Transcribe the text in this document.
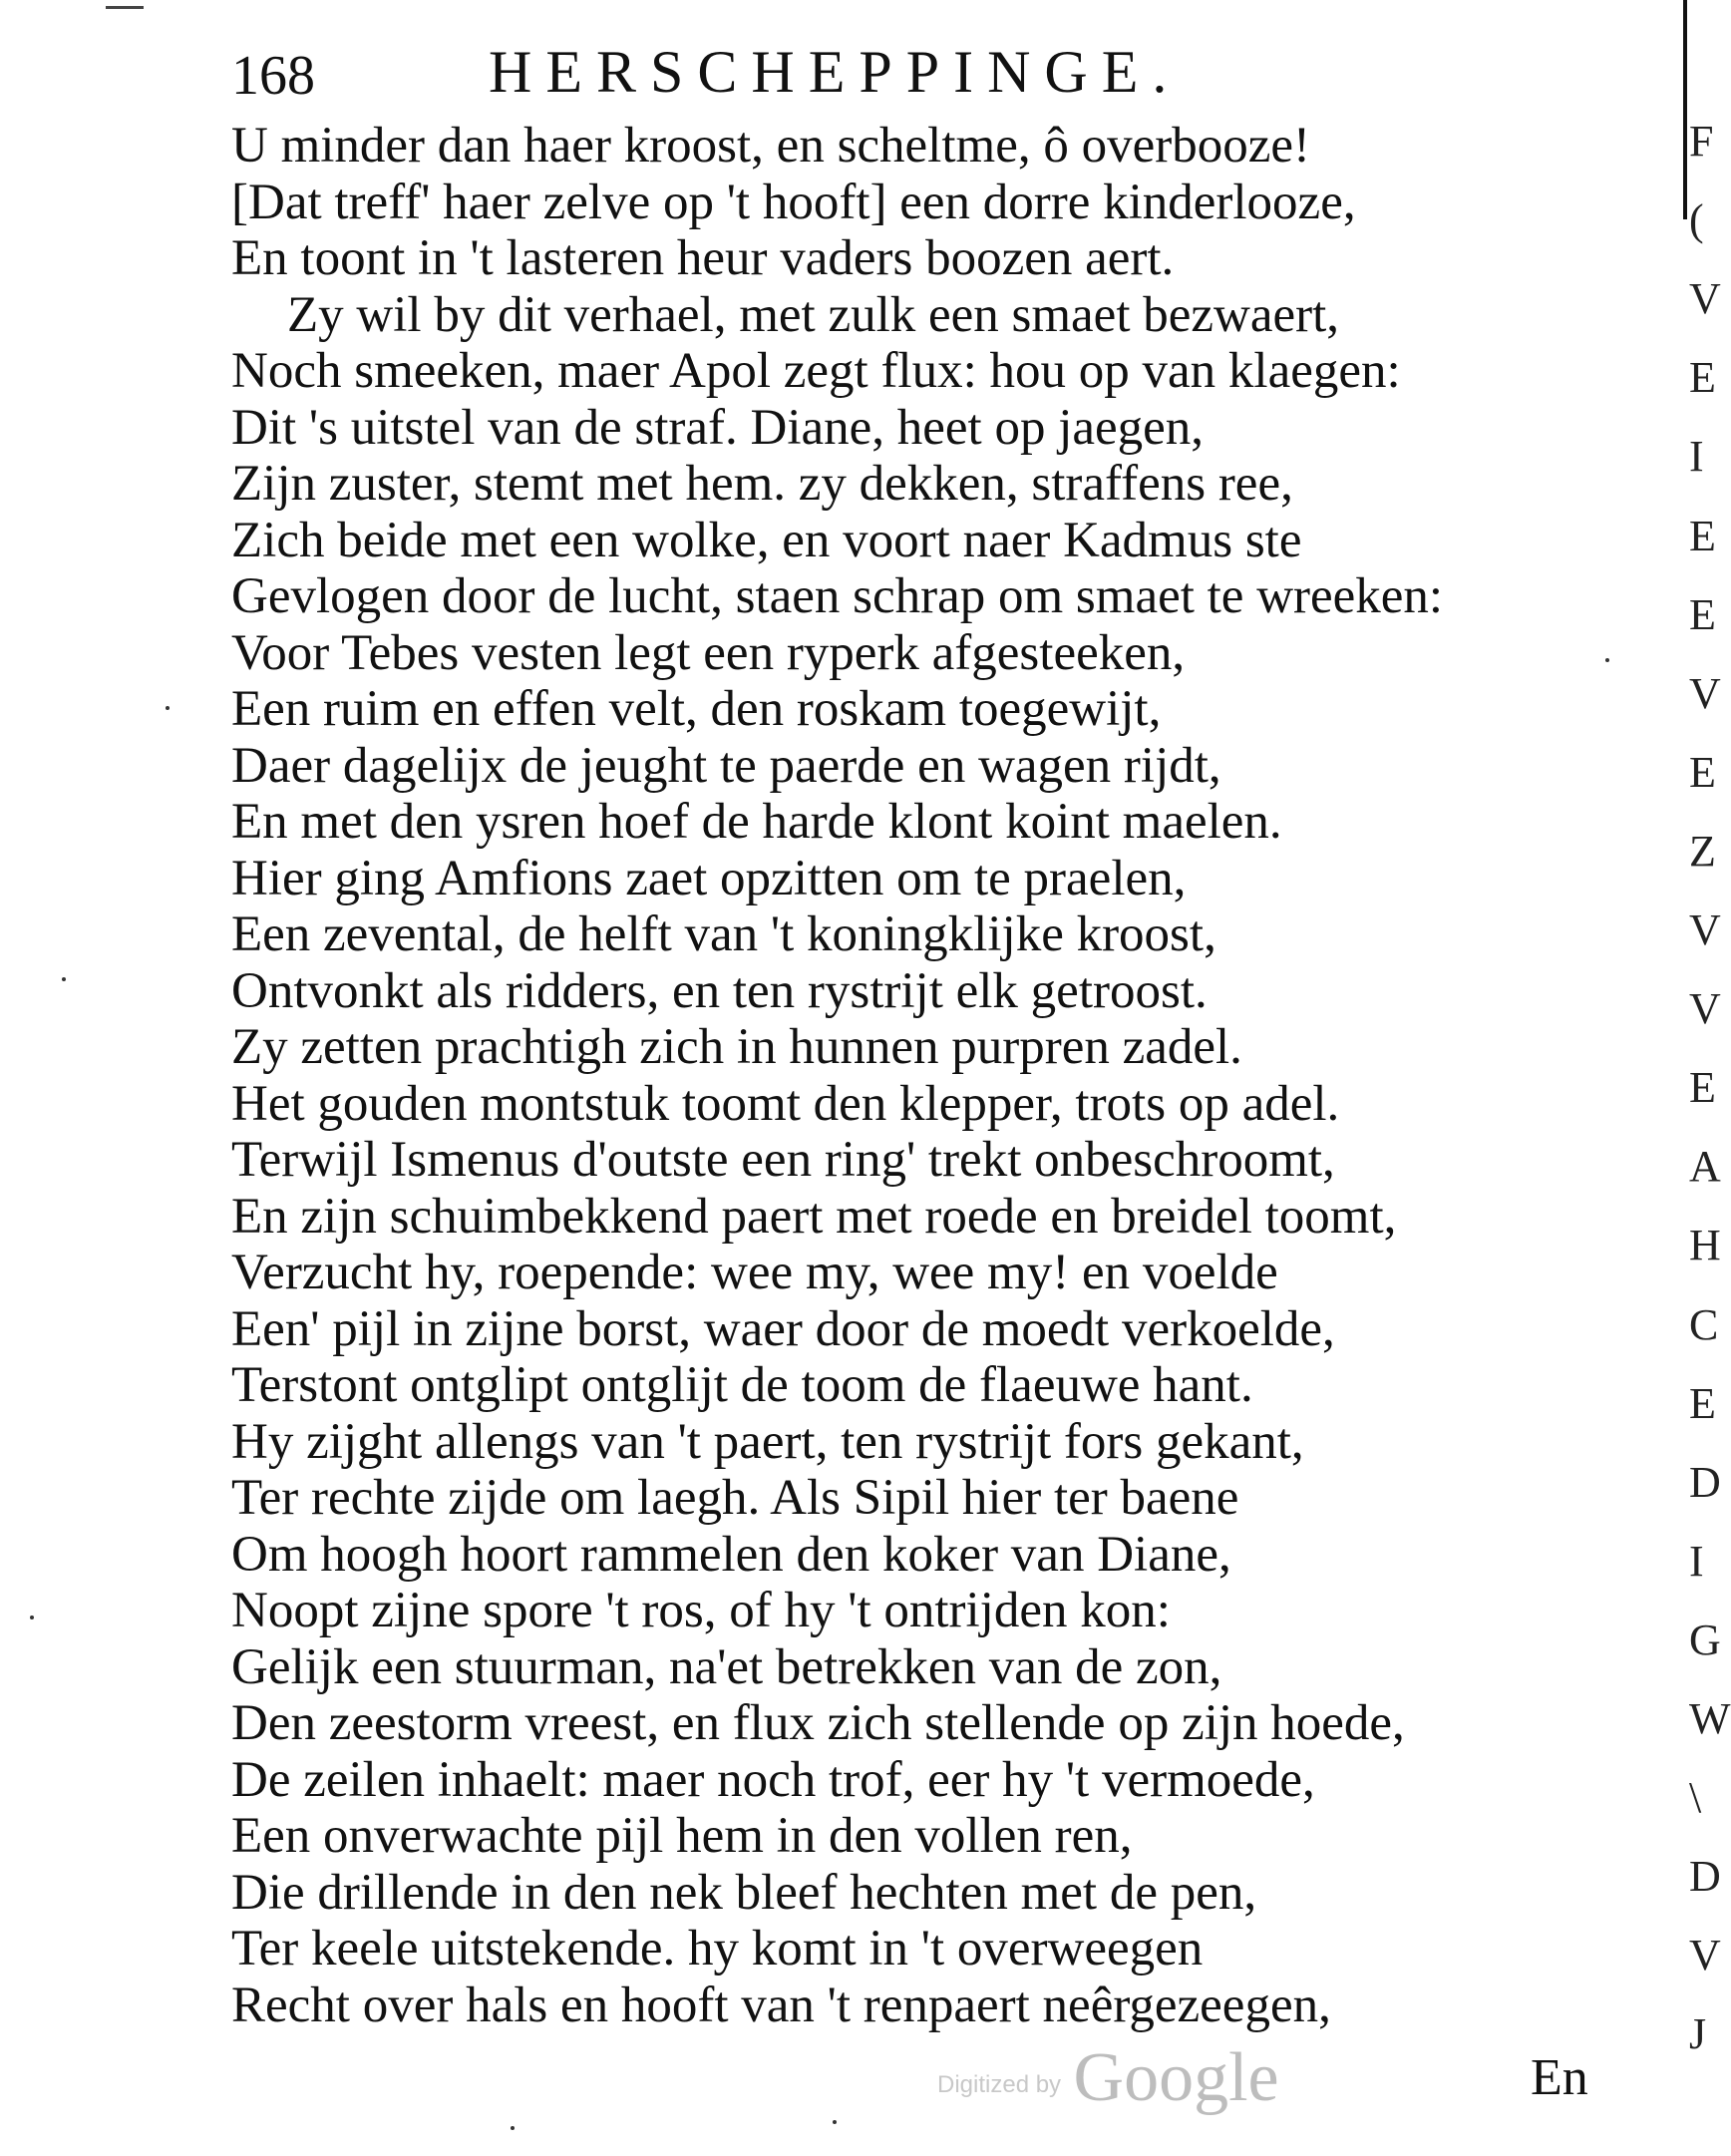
168	HERSCHEPPINGE.
U minder dan haer kroost, en scheltme, ô overbooze!
[Dat treff' haer zelve op 't hooft] een dorre kinderlooze,
En toont in 't lasteren heur vaders boozen aert.
Zy wil by dit verhael, met zulk een smaet bezwaert,
Noch smeeken, maer Apol zegt flux: hou op van klaegen:
Dit 's uitstel van de straf. Diane, heet op jaegen,
Zijn zuster, stemt met hem. zy dekken, straffens ree,
Zich beide met een wolke, en voort naer Kadmus ste
Gevlogen door de lucht, staen schrap om smaet te wreeken:
Voor Tebes vesten legt een ryperk afgesteeken,
Een ruim en effen velt, den roskam toegewijt,
Daer dagelijx de jeught te paerde en wagen rijdt,
En met den ysren hoef de harde klont koint maelen.
Hier ging Amfions zaet opzitten om te praelen,
Een zevental, de helft van 't koningklijke kroost,
Ontvonkt als ridders, en ten rystrijt elk getroost.
Zy zetten prachtigh zich in hunnen purpren zadel.
Het gouden montstuk toomt den klepper, trots op adel.
Terwijl Ismenus d'outste een ring' trekt onbeschroomt,
En zijn schuimbekkend paert met roede en breidel toomt,
Verzucht hy, roepende: wee my, wee my! en voelde
Een' pijl in zijne borst, waer door de moedt verkoelde,
Terstont ontglipt ontglijt de toom de flaeuwe hant.
Hy zijght allengs van 't paert, ten rystrijt fors gekant,
Ter rechte zijde om laegh. Als Sipil hier ter baene
Om hoogh hoort rammelen den koker van Diane,
Noopt zijne spore 't ros, of hy 't ontrijden kon:
Gelijk een stuurman, na'et betrekken van de zon,
Den zeestorm vreest, en flux zich stellende op zijn hoede,
De zeilen inhaelt: maer noch trof, eer hy 't vermoede,
Een onverwachte pijl hem in den vollen ren,
Die drillende in den nek bleef hechten met de pen,
Ter keele uitstekende. hy komt in 't overweegen
Recht over hals en hooft van 't renpaert neêrgezeegen,
Digitized by Google	En
F
(
V
E
I
E
E
V
E
Z
V
V
E
A
H
C
E
D
I
G
W
\
D
V
J
